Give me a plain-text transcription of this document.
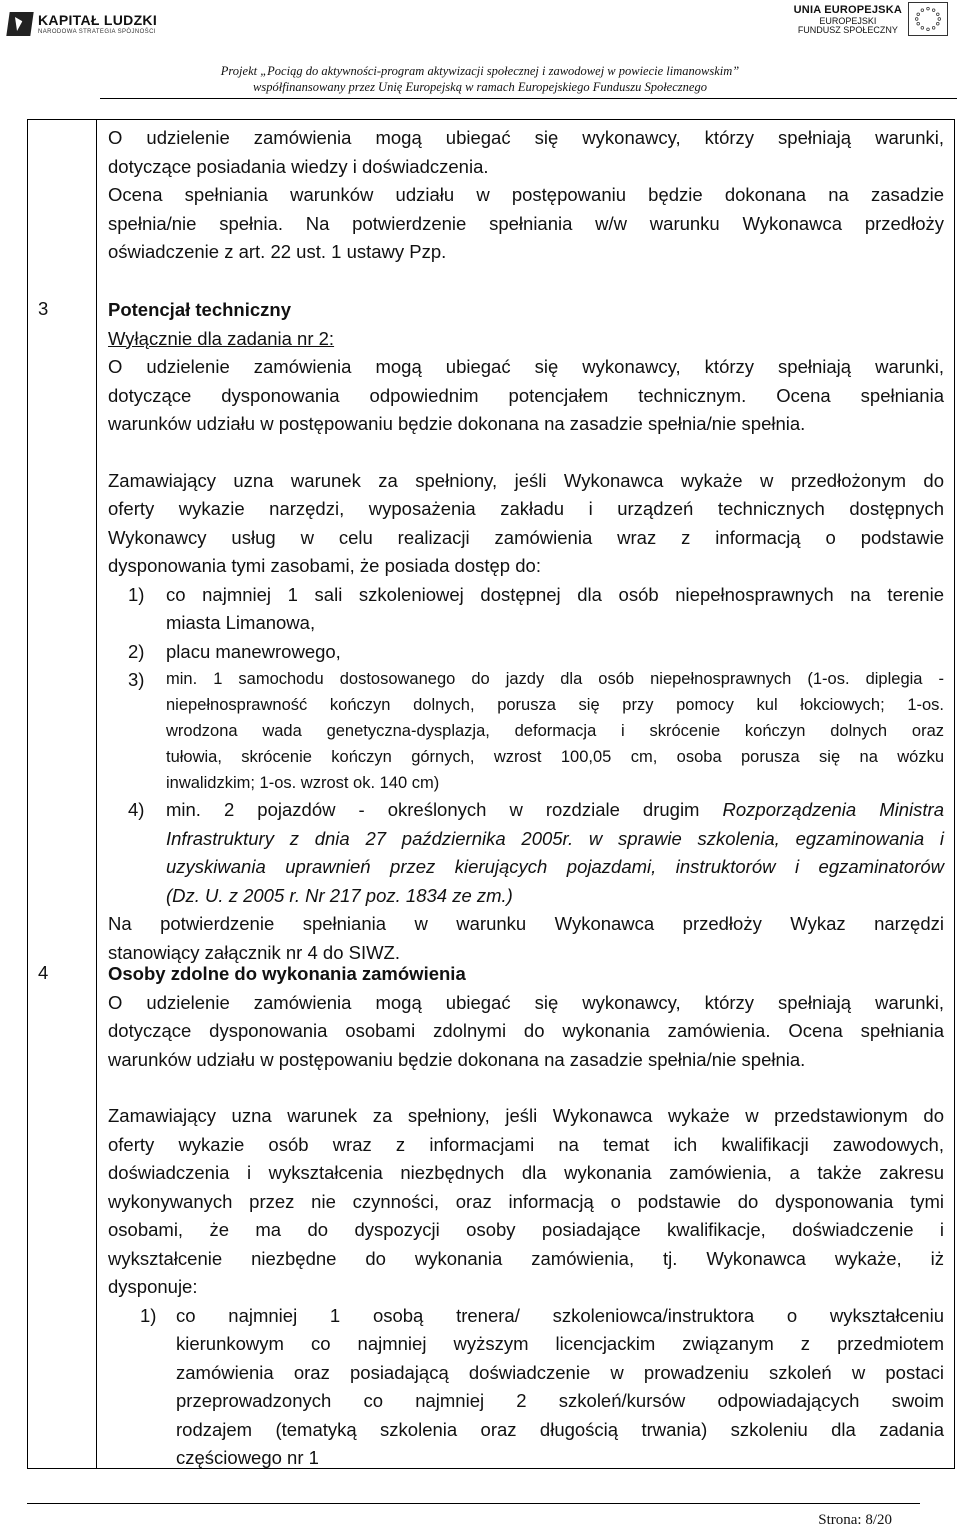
KAPITAŁ LUDZKI
NARODOWA STRATEGIA SPÓJNOŚCI
UNIA EUROPEJSKA
EUROPEJSKI
FUNDUSZ SPOŁECZNY
Projekt „Pociąg do aktywności-program aktywizacji społecznej i zawodowej w powiecie limanowskim”
współfinansowany przez Unię Europejską w ramach Europejskiego Funduszu Społecznego
O udzielenie zamówienia mogą ubiegać się wykonawcy, którzy spełniają warunki,
dotyczące posiadania wiedzy i doświadczenia.
Ocena spełniania warunków udziału w postępowaniu będzie dokonana na zasadzie
spełnia/nie spełnia. Na potwierdzenie spełniania w/w warunku Wykonawca przedłoży
oświadczenie z art. 22 ust. 1 ustawy Pzp.
3	Potencjał techniczny
Wyłącznie dla zadania nr 2:
O udzielenie zamówienia mogą ubiegać się wykonawcy, którzy spełniają warunki,
dotyczące dysponowania odpowiednim potencjałem technicznym. Ocena spełniania
warunków udziału w postępowaniu będzie dokonana na zasadzie spełnia/nie spełnia.
Zamawiający uzna warunek za spełniony, jeśli Wykonawca wykaże w przedłożonym do
oferty wykazie narzędzi, wyposażenia zakładu i urządzeń technicznych dostępnych
Wykonawcy usług w celu realizacji zamówienia wraz z informacją o podstawie
dysponowania tymi zasobami, że posiada dostęp do:
1)	co najmniej 1 sali szkoleniowej dostępnej dla osób niepełnosprawnych na terenie
miasta Limanowa,
2)	placu manewrowego,
3)	min. 1 samochodu dostosowanego do jazdy dla osób niepełnosprawnych (1-os. diplegia -
niepełnosprawność kończyn dolnych, porusza się przy pomocy kul łokciowych; 1-os.
wrodzona wada genetyczna-dysplazja, deformacja i skrócenie kończyn dolnych oraz
tułowia, skrócenie kończyn górnych, wzrost 100,05 cm, osoba porusza się na wózku
inwalidzkim; 1-os. wzrost ok. 140 cm)
4)	min. 2 pojazdów - określonych w rozdziale drugim Rozporządzenia Ministra
Infrastruktury z dnia 27 października 2005r. w sprawie szkolenia, egzaminowania i
uzyskiwania uprawnień przez kierujących pojazdami, instruktorów i egzaminatorów
(Dz. U. z 2005 r. Nr 217 poz. 1834 ze zm.)
Na potwierdzenie spełniania w warunku Wykonawca przedłoży Wykaz narzędzi
stanowiący załącznik nr 4 do SIWZ.
4	Osoby zdolne do wykonania zamówienia
O udzielenie zamówienia mogą ubiegać się wykonawcy, którzy spełniają warunki,
dotyczące dysponowania osobami zdolnymi do wykonania zamówienia. Ocena spełniania
warunków udziału w postępowaniu będzie dokonana na zasadzie spełnia/nie spełnia.
Zamawiający uzna warunek za spełniony, jeśli Wykonawca wykaże w przedstawionym do
oferty wykazie osób wraz z informacjami na temat ich kwalifikacji zawodowych,
doświadczenia i wykształcenia niezbędnych dla wykonania zamówienia, a także zakresu
wykonywanych przez nie czynności, oraz informacją o podstawie do dysponowania tymi
osobami, że ma do dyspozycji osoby posiadające kwalifikacje, doświadczenie i
wykształcenie niezbędne do wykonania zamówienia, tj. Wykonawca wykaże, iż
dysponuje:
1)	co najmniej 1 osobą trenera/ szkoleniowca/instruktora o wykształceniu
kierunkowym co najmniej wyższym licencjackim związanym z przedmiotem
zamówienia oraz posiadającą doświadczenie w prowadzeniu szkoleń w postaci
przeprowadzonych co najmniej 2 szkoleń/kursów odpowiadających swoim
rodzajem (tematyką szkolenia oraz długością trwania) szkoleniu dla zadania
częściowego nr 1
Strona: 8/20
